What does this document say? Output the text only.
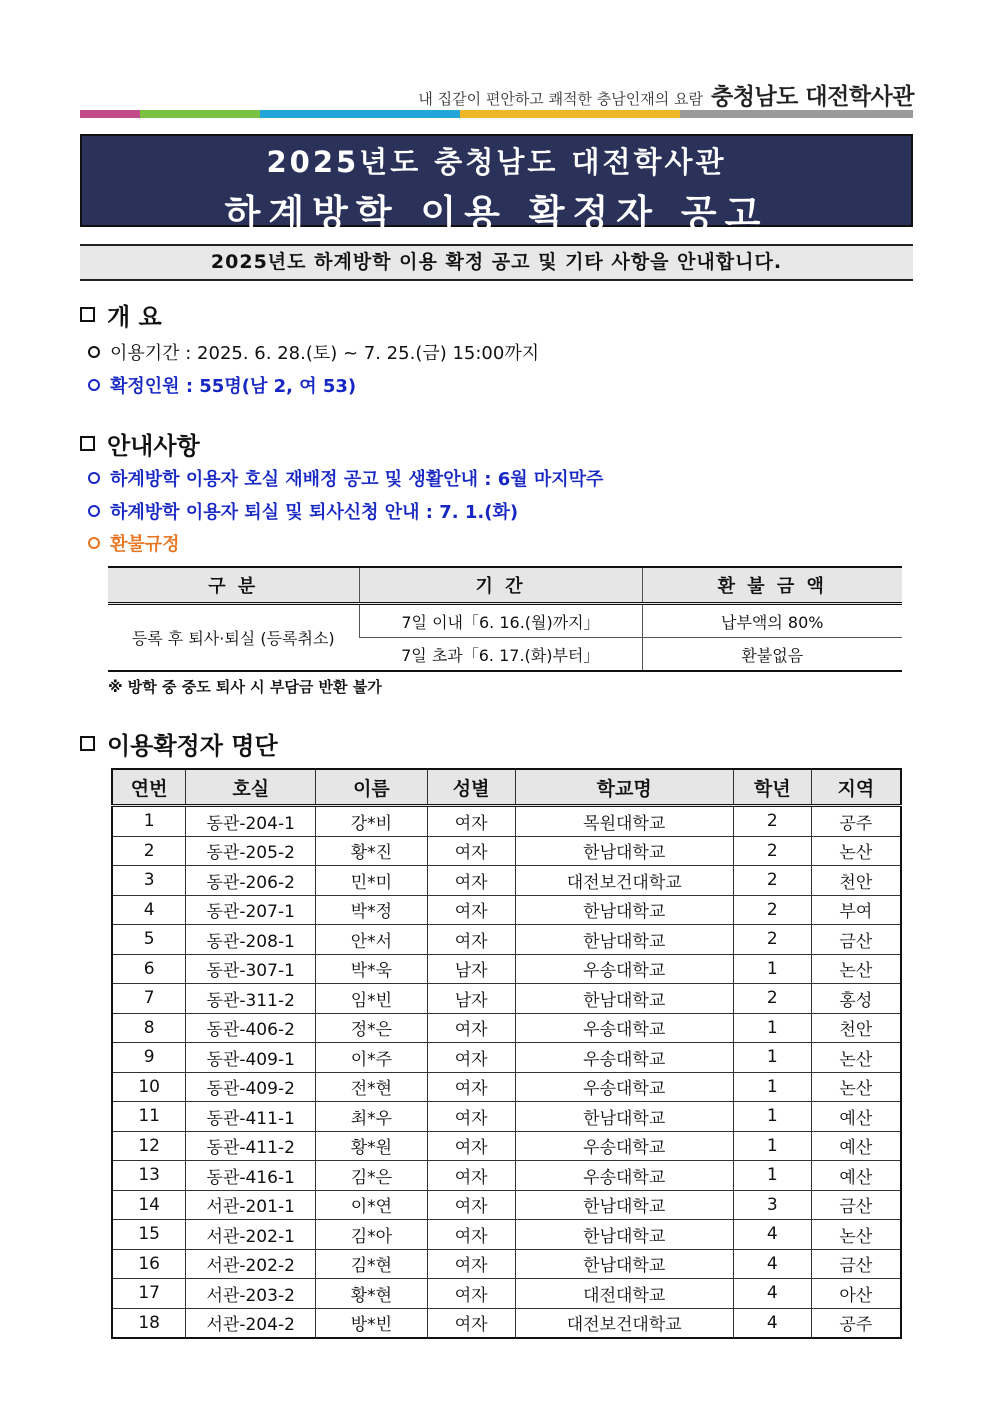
내 집같이 편안하고 쾌적한 충남인재의 요람 충청남도 대전학사관
2025년도 충청남도 대전학사관
하계방학 이용 확정자 공고
2025년도 하계방학 이용 확정 공고 및 기타 사항을 안내합니다.
개 요
이용기간 : 2025. 6. 28.(토) ~ 7. 25.(금) 15:00까지
확정인원 : 55명(남 2, 여 53)
안내사항
하계방학 이용자 호실 재배정 공고 및 생활안내 : 6월 마지막주
하계방학 이용자 퇴실 및 퇴사신청 안내 : 7. 1.(화)
환불규정
구 분	기 간	환 불 금 액
등록 후 퇴사·퇴실 (등록취소)	7일 이내「6. 16.(월)까지」	납부액의 80%
	7일 초과「6. 17.(화)부터」	환불없음
※ 방학 중 중도 퇴사 시 부담금 반환 불가
이용확정자 명단
연번	호실	이름	성별	학교명	학년	지역
1	동관-204-1	강*비	여자	목원대학교	2	공주
2	동관-205-2	황*진	여자	한남대학교	2	논산
3	동관-206-2	민*미	여자	대전보건대학교	2	천안
4	동관-207-1	박*정	여자	한남대학교	2	부여
5	동관-208-1	안*서	여자	한남대학교	2	금산
6	동관-307-1	박*욱	남자	우송대학교	1	논산
7	동관-311-2	임*빈	남자	한남대학교	2	홍성
8	동관-406-2	정*은	여자	우송대학교	1	천안
9	동관-409-1	이*주	여자	우송대학교	1	논산
10	동관-409-2	전*현	여자	우송대학교	1	논산
11	동관-411-1	최*우	여자	한남대학교	1	예산
12	동관-411-2	황*원	여자	우송대학교	1	예산
13	동관-416-1	김*은	여자	우송대학교	1	예산
14	서관-201-1	이*연	여자	한남대학교	3	금산
15	서관-202-1	김*아	여자	한남대학교	4	논산
16	서관-202-2	김*현	여자	한남대학교	4	금산
17	서관-203-2	황*현	여자	대전대학교	4	아산
18	서관-204-2	방*빈	여자	대전보건대학교	4	공주
